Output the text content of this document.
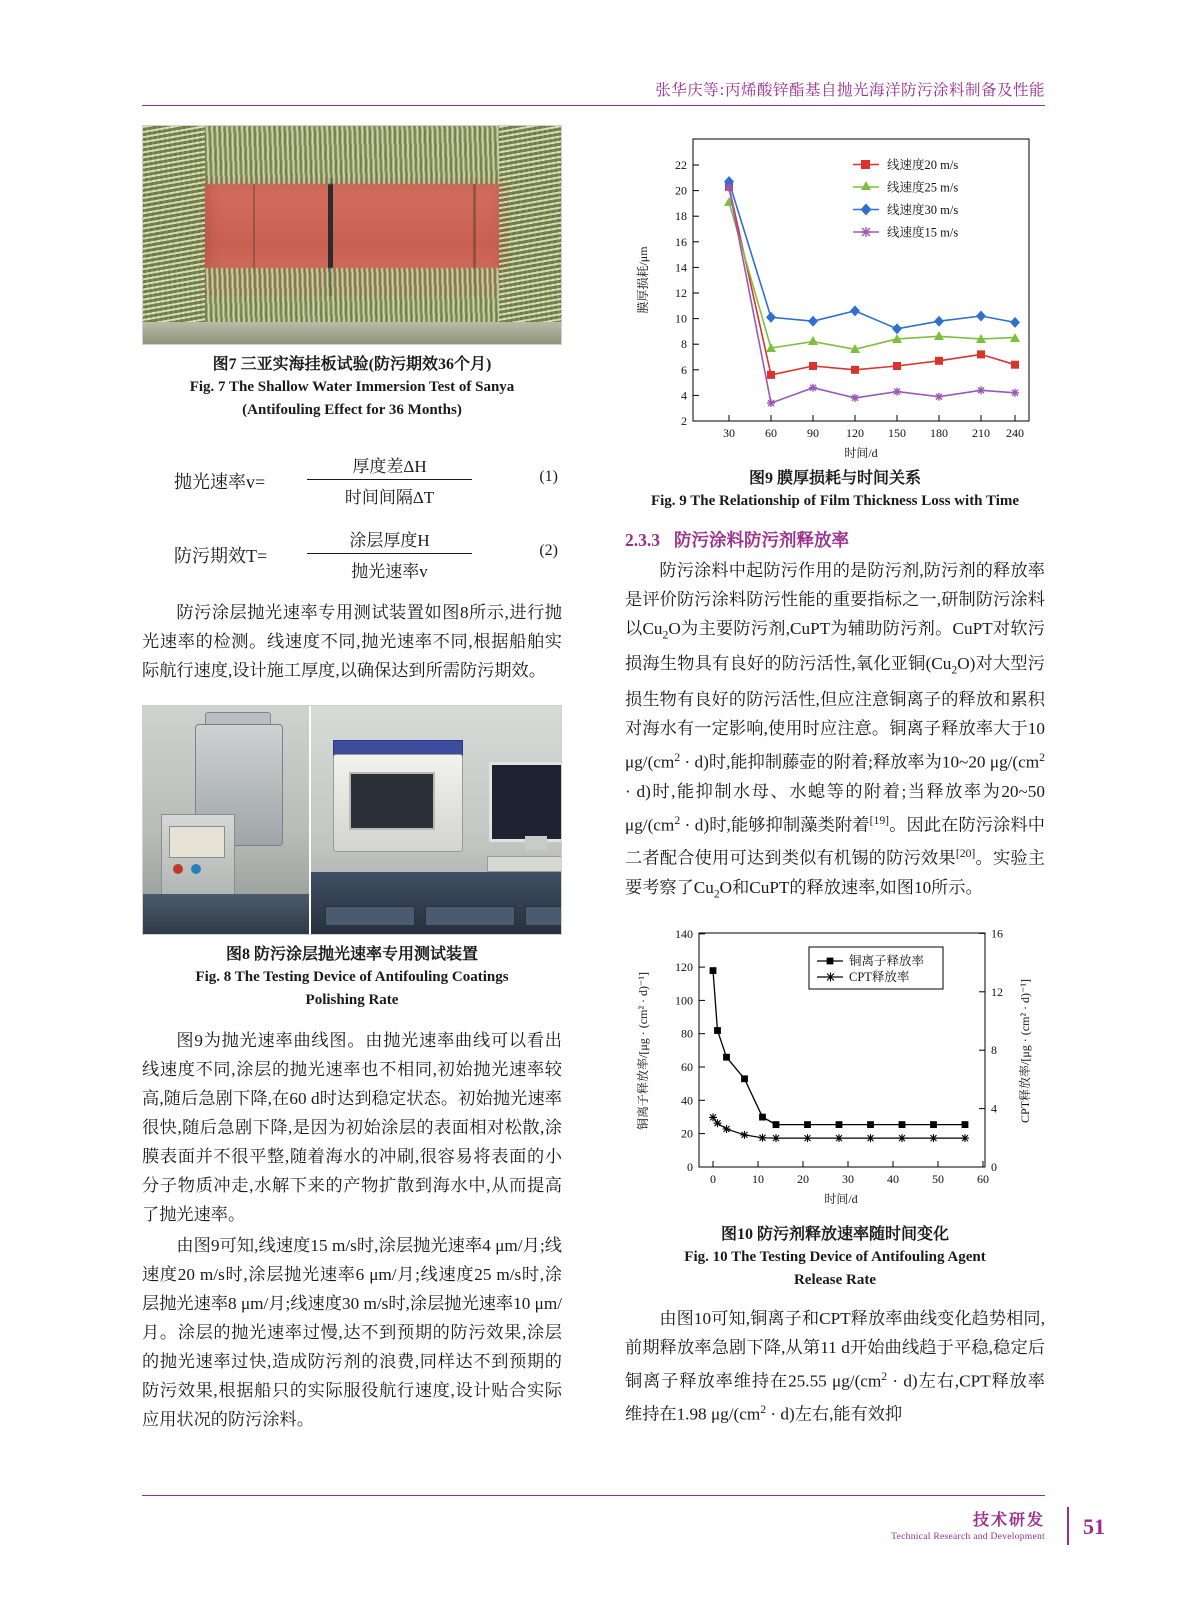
张华庆等:丙烯酸锌酯基自抛光海洋防污涂料制备及性能
图7 三亚实海挂板试验(防污期效36个月)
Fig. 7 The Shallow Water Immersion Test of Sanya
(Antifouling Effect for 36 Months)
抛光速率v=
厚度差ΔH
时间间隔ΔT
(1)
防污期效T=
涂层厚度H
抛光速率v
(2)

防污涂层抛光速率专用测试装置如图8所示,进行抛光速率的检测。线速度不同,抛光速率不同,根据船舶实际航行速度,设计施工厚度,以确保达到所需防污期效。

图8 防污涂层抛光速率专用测试装置
Fig. 8 The Testing Device of Antifouling Coatings
Polishing Rate

图9为抛光速率曲线图。由抛光速率曲线可以看出线速度不同,涂层的抛光速率也不相同,初始抛光速率较高,随后急剧下降,在60 d时达到稳定状态。初始抛光速率很快,随后急剧下降,是因为初始涂层的表面相对松散,涂膜表面并不很平整,随着海水的冲刷,很容易将表面的小分子物质冲走,水解下来的产物扩散到海水中,从而提高了抛光速率。

由图9可知,线速度15 m/s时,涂层抛光速率4 μm/月;线速度20 m/s时,涂层抛光速率6 μm/月;线速度25 m/s时,涂层抛光速率8 μm/月;线速度30 m/s时,涂层抛光速率10 μm/月。涂层的抛光速率过慢,达不到预期的防污效果,涂层的抛光速率过快,造成防污剂的浪费,同样达不到预期的防污效果,根据船只的实际服役航行速度,设计贴合实际应用状况的防污涂料。

2
4
6
8
10
12
14
16
18
20
22
30	60	90 120 150 180 210 240
时间/d
膜厚损耗/μm
线速度20 m/s
线速度25 m/s
线速度30 m/s
线速度15 m/s
图9 膜厚损耗与时间关系
Fig. 9 The Relationship of Film Thickness Loss with Time
2.3.3 防污涂料防污剂释放率

防污涂料中起防污作用的是防污剂,防污剂的释放率是评价防污涂料防污性能的重要指标之一,研制防污涂料以$Cu_2O$为主要防污剂,CuPT为辅助防污剂。CuPT对软污损海生物具有良好的防污活性,氧化亚铜$(Cu_2O)$对大型污损生物有良好的防污活性,但应注意铜离子的释放和累积对海水有一定影响,使用时应注意。铜离子释放率大于10 $\mu g/(cm^2 \cdot d)$时,能抑制藤壶的附着;释放率为10~20 $\mu g/(cm^2 \cdot d)$时,能抑制水母、水螅等的附着;当释放率为20~50 $\mu g/(cm^2 \cdot d)$时,能够抑制藻类附着[19]。因此在防污涂料中二者配合使用可达到类似有机锡的防污效果[20]。实验主要考察了$Cu_2O$和CuPT的释放速率,如图10所示。

0
20
40
60
80
100
120
140
0
4
8
12
16
0	10	20	30	40	50	60
时间/d
铜离子释放率/[μg · (cm² · d)⁻¹]	CPT释放率/[μg · (cm² · d)⁻¹]
铜离子释放率
CPT释放率
图10 防污剂释放速率随时间变化
Fig. 10 The Testing Device of Antifouling Agent
Release Rate

由图10可知,铜离子和CPT释放率曲线变化趋势相同,前期释放率急剧下降,从第11 d开始曲线趋于平稳,稳定后铜离子释放率维持在25.55 $\mu g/(cm^2 \cdot d)$左右,CPT释放率维持在1.98 $\mu g/(cm^2 \cdot d)$左右,能有效抑

技术研发
Technical Research and Development 51
